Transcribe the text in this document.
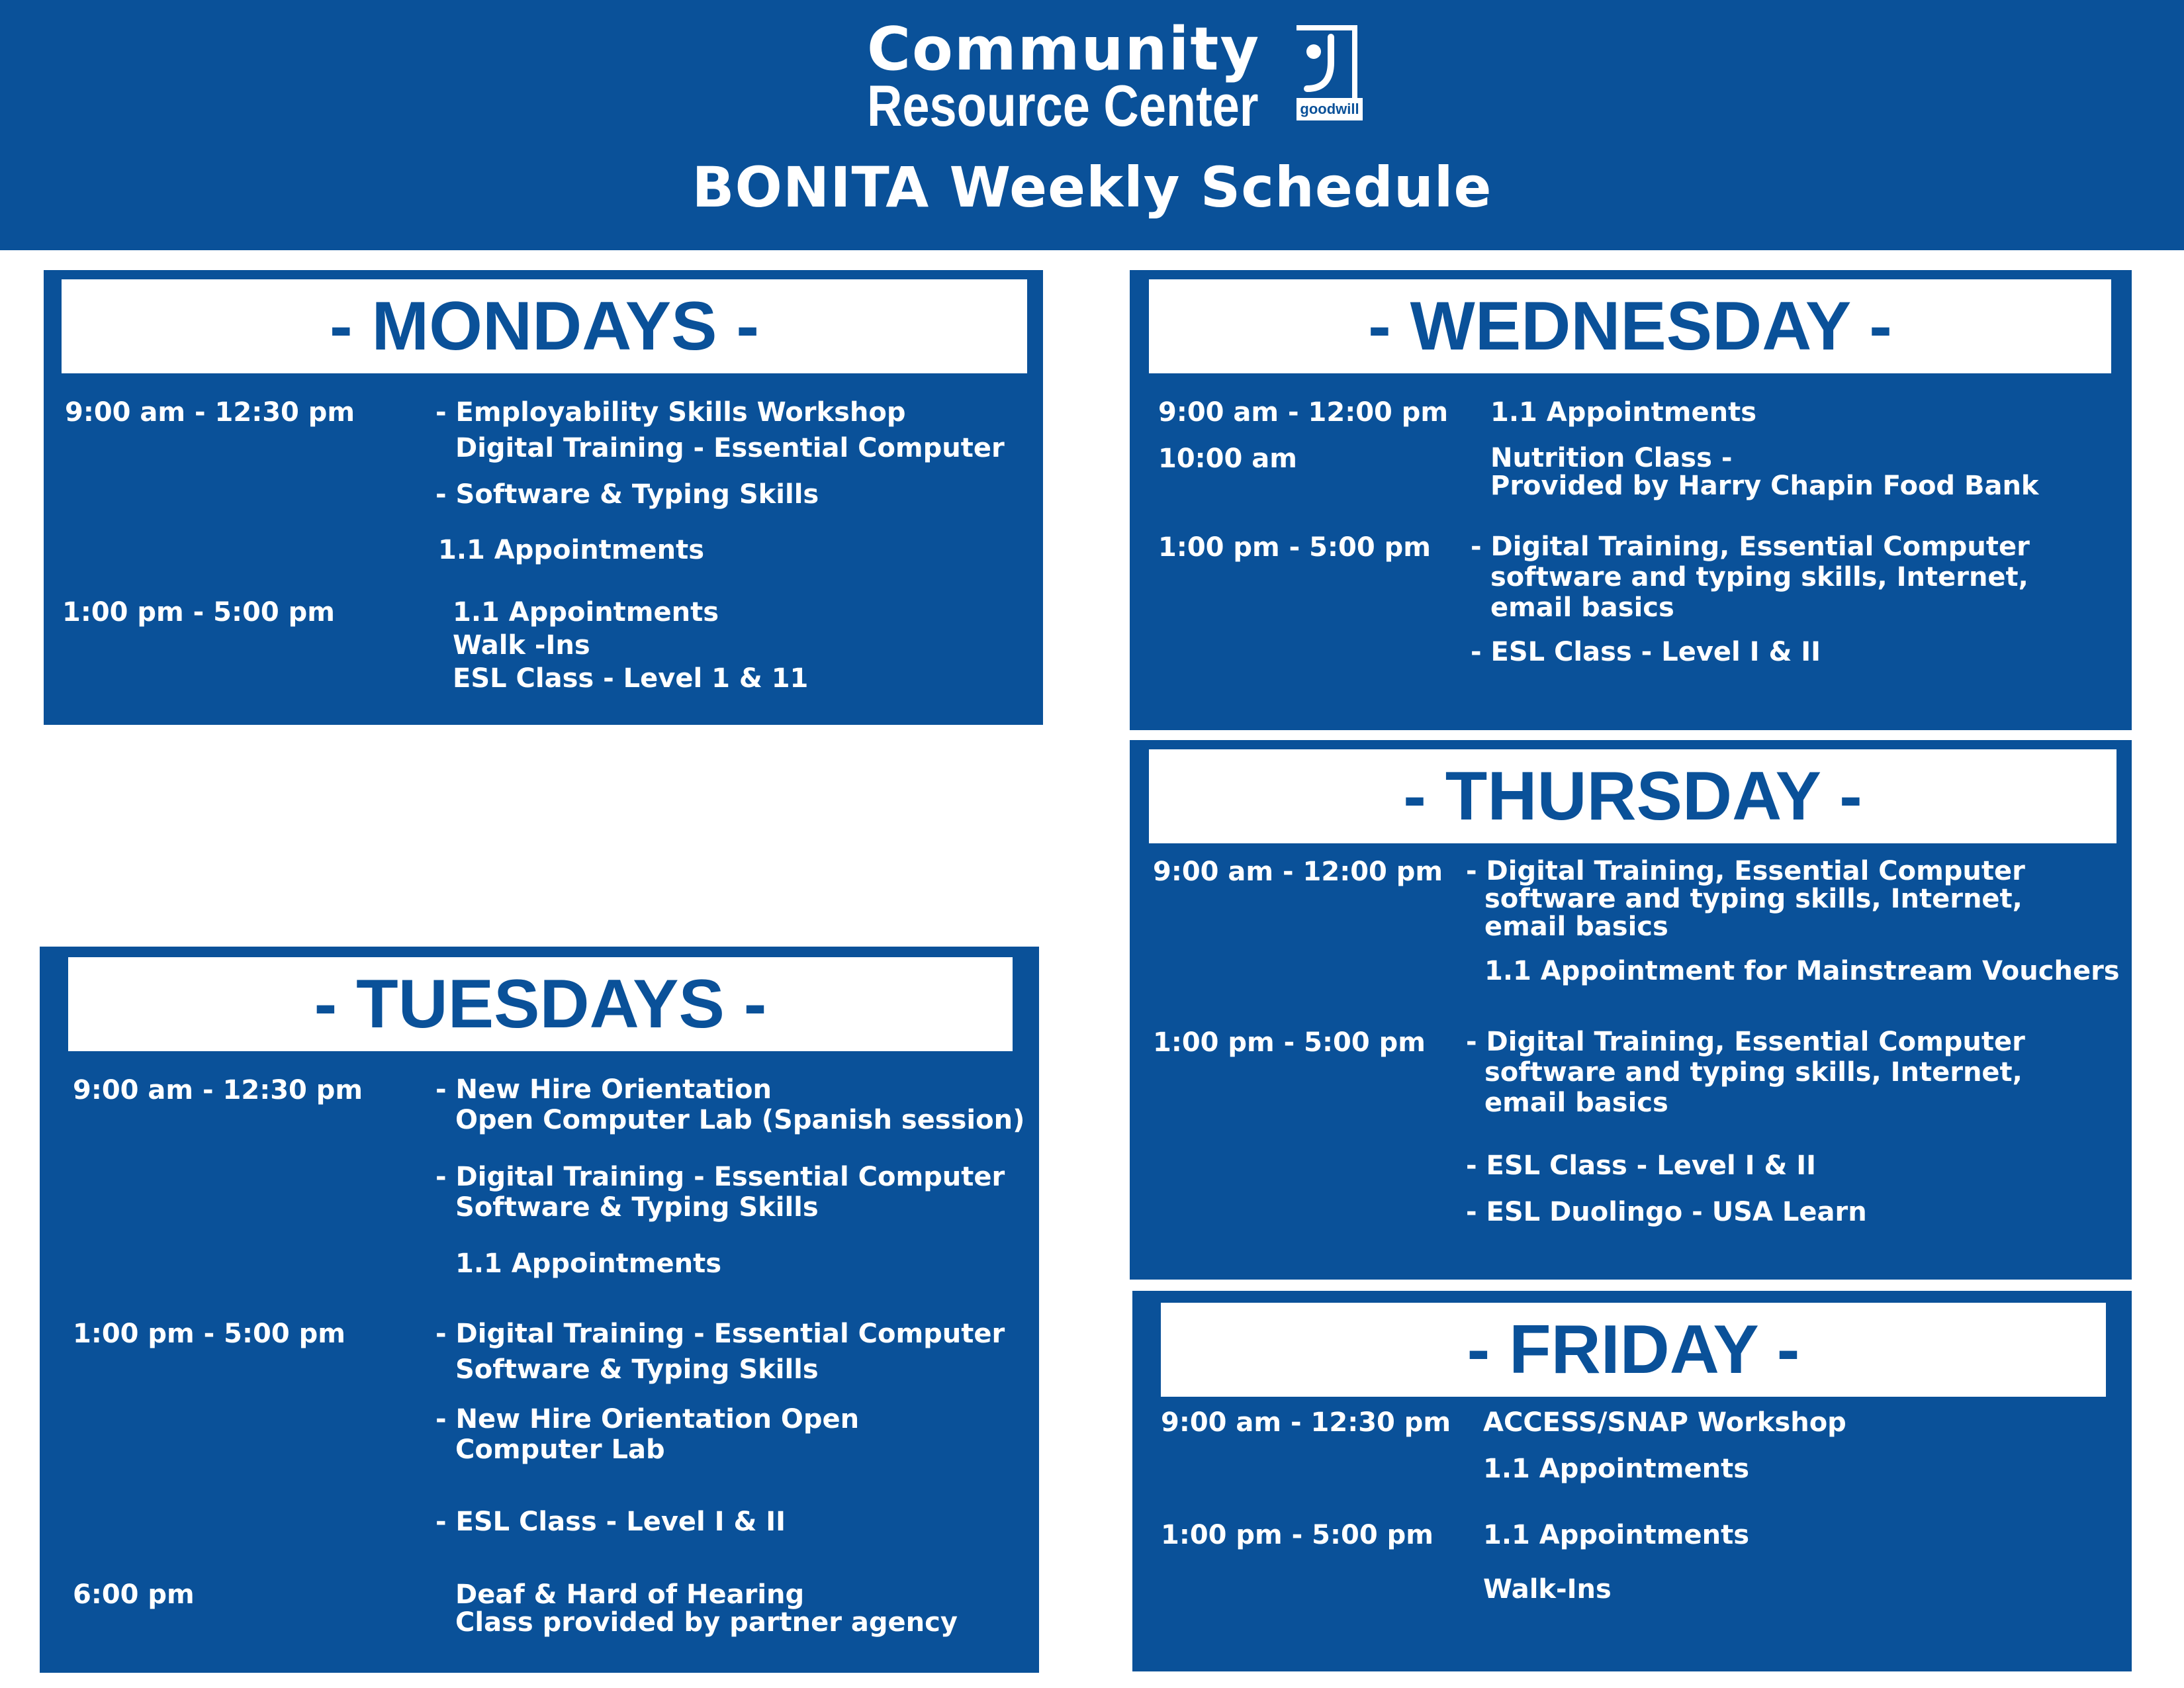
Community
Resource Center	goodwill
BONITA Weekly Schedule
- MONDAYS -
9:00 am - 12:30 pm	- Employability Skills Workshop
Digital Training - Essential Computer
- Software & Typing Skills
1.1 Appointments
1:00 pm - 5:00 pm	1.1 Appointments
Walk -Ins
ESL Class - Level 1 & 11
- TUESDAYS -
9:00 am - 12:30 pm	- New Hire Orientation
Open Computer Lab (Spanish session)
- Digital Training - Essential Computer
Software & Typing Skills
1.1 Appointments
1:00 pm - 5:00 pm	- Digital Training - Essential Computer
Software & Typing Skills
- New Hire Orientation Open
Computer Lab
- ESL Class - Level I & II
6:00 pm	Deaf & Hard of Hearing
Class provided by partner agency
- WEDNESDAY -
9:00 am - 12:00 pm 1.1 Appointments
10:00 am	Nutrition Class -
Provided by Harry Chapin Food Bank
1:00 pm - 5:00 pm - Digital Training, Essential Computer
software and typing skills, Internet,
email basics
- ESL Class - Level I & II
- THURSDAY -
9:00 am - 12:00 pm - Digital Training, Essential Computer
software and typing skills, Internet,
email basics
1.1 Appointment for Mainstream Vouchers
1:00 pm - 5:00 pm - Digital Training, Essential Computer
software and typing skills, Internet,
email basics
- ESL Class - Level I & II
- ESL Duolingo - USA Learn
- FRIDAY -
9:00 am - 12:30 pm ACCESS/SNAP Workshop
1.1 Appointments
1:00 pm - 5:00 pm 1.1 Appointments
Walk-Ins
